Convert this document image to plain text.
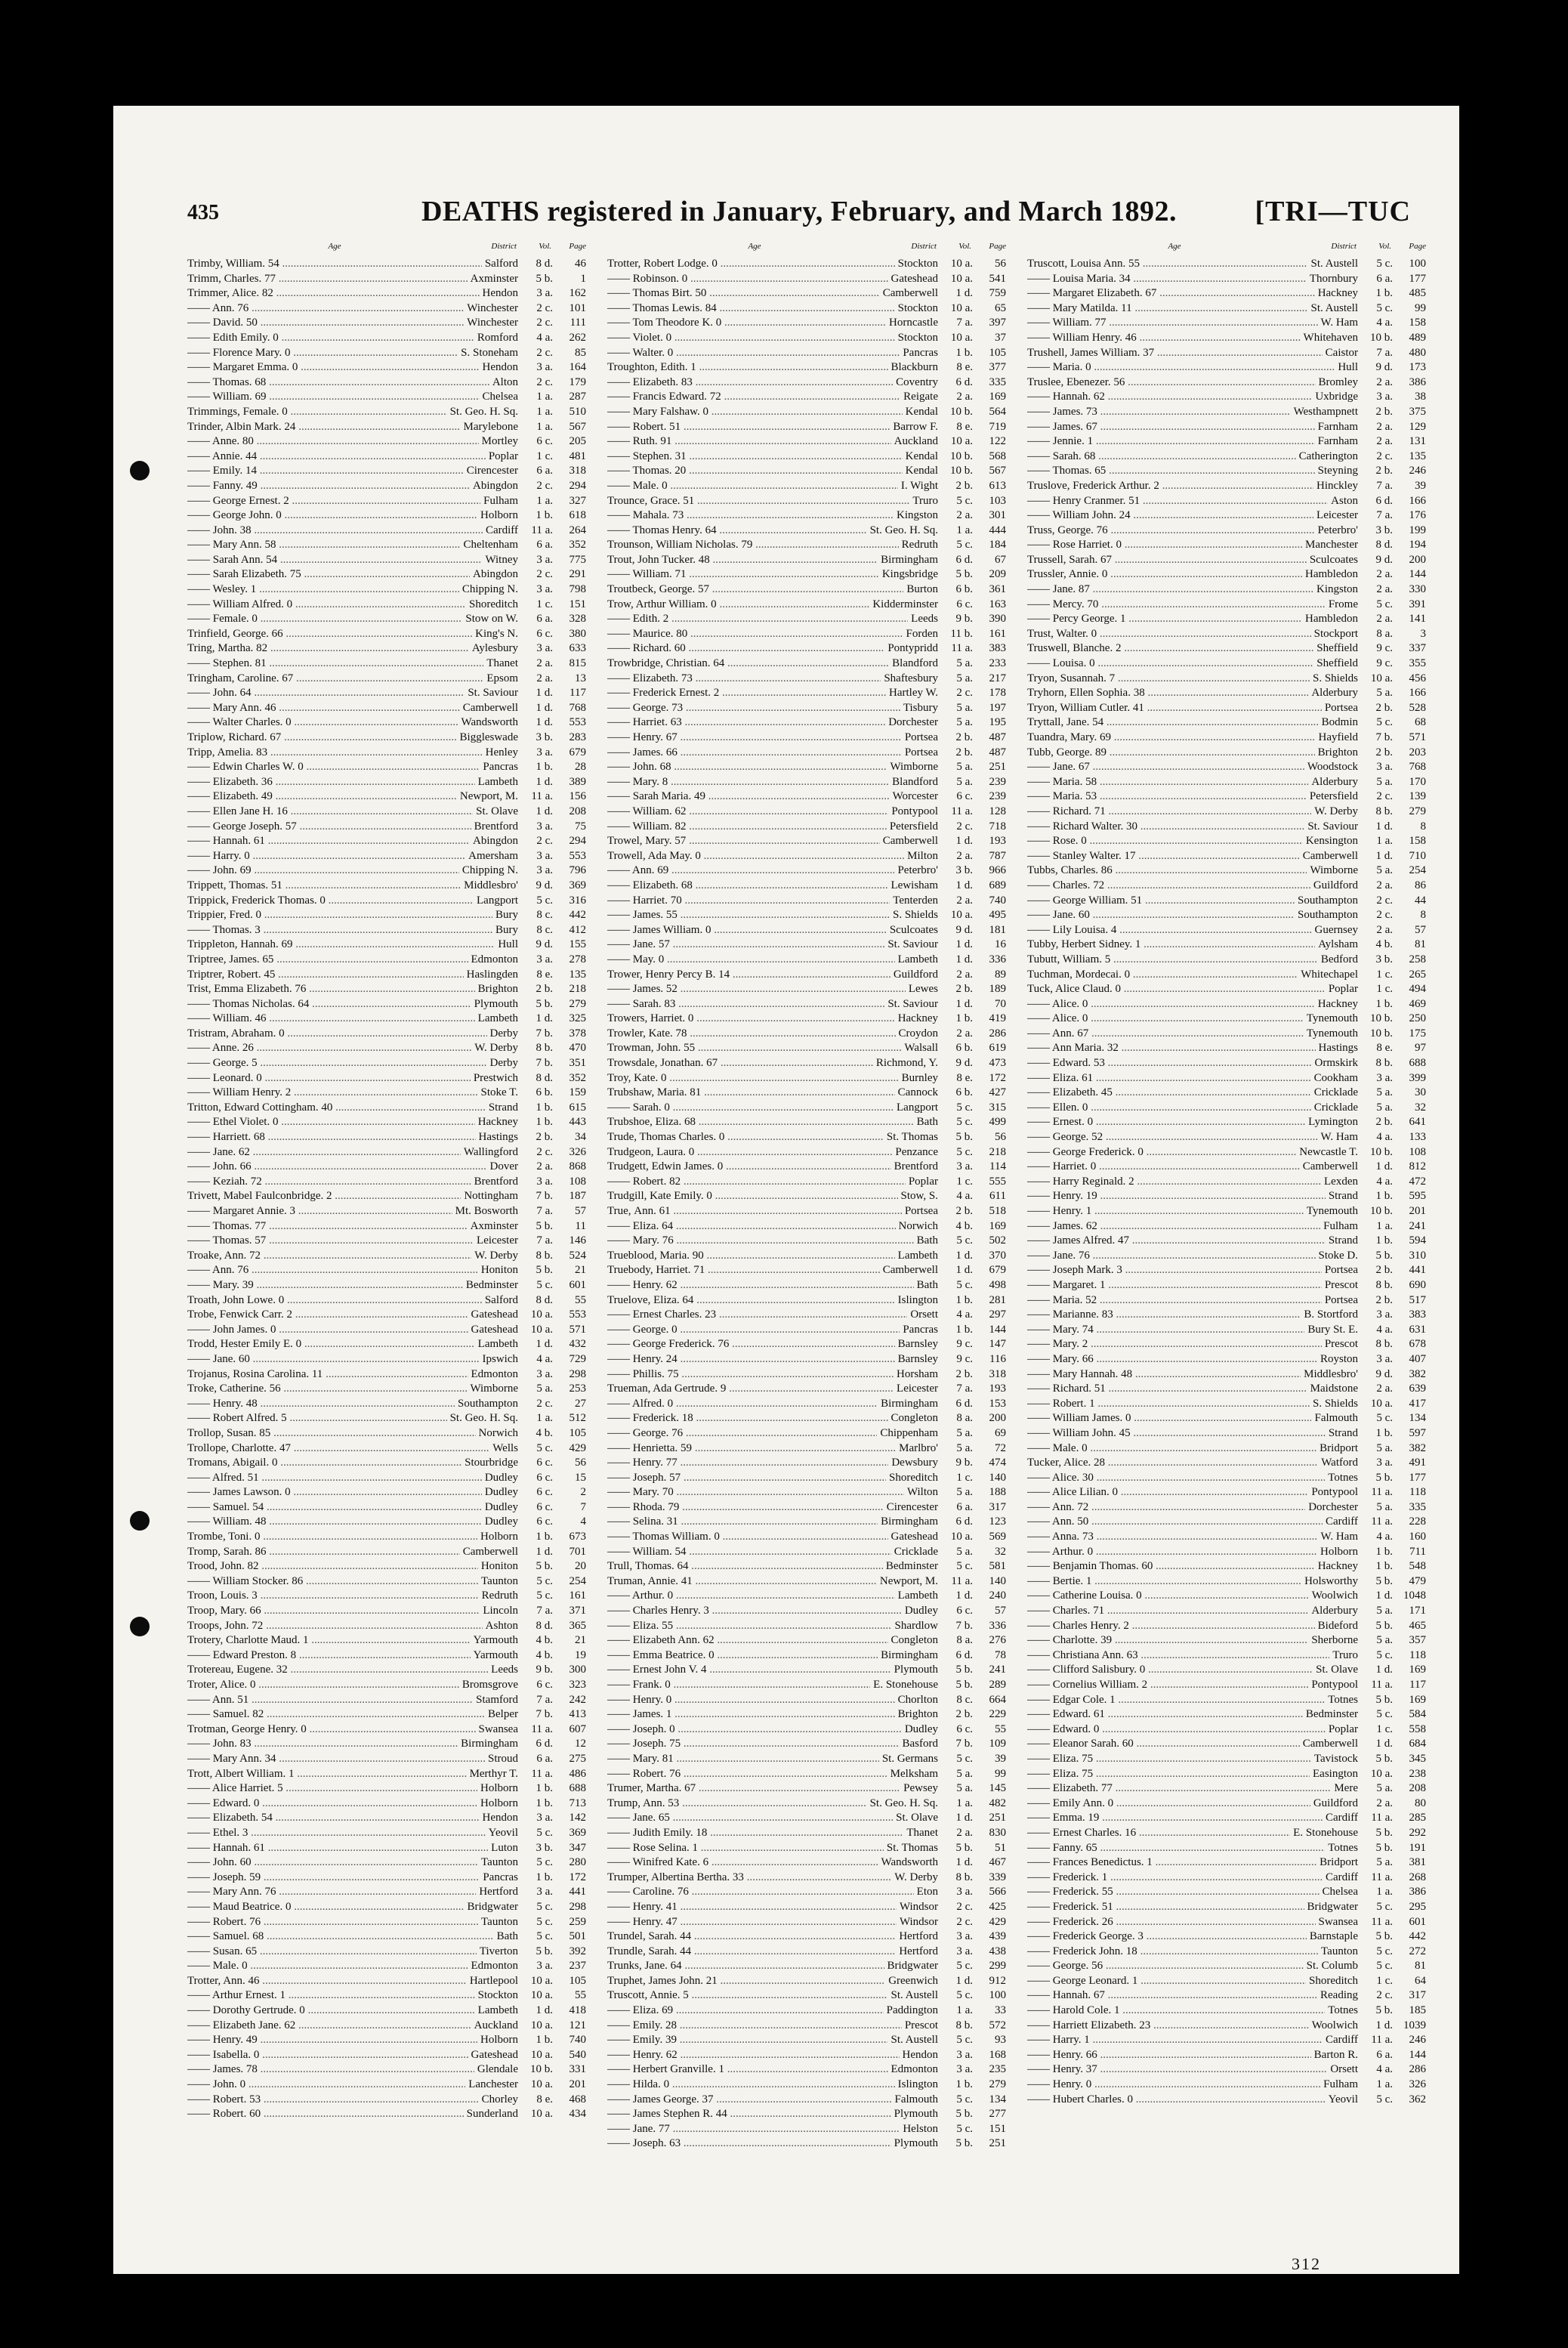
435	DEATHS registered in January, February, and March 1892.	[TRI—TUC
Age	District	Vol.	Page
Trimby, William. 54 .....	Salford	8 d.	46
Trimm, Charles. 77 .....	Axminster	5 b.	1
Trimmer, Alice. 82 .....	Hendon	3 a.	162
—— Ann. 76 .....	Winchester	2 c.	101
—— David. 50 .....	Winchester	2 c.	111
—— Edith Emily. 0 .....	Romford	4 a.	262
—— Florence Mary. 0 .....	S. Stoneham	2 c.	85
—— Margaret Emma. 0 .....	Hendon	3 a.	164
—— Thomas. 68 .....	Alton	2 c.	179
—— William. 69 .....	Chelsea	1 a.	287
Trimmings, Female. 0 .....	St. Geo. H. Sq.	1 a.	510
Trinder, Albin Mark. 24 .....	Marylebone	1 a.	567
—— Anne. 80 .....	Mortley	6 c.	205
—— Annie. 44 .....	Poplar	1 c.	481
—— Emily. 14 .....	Cirencester	6 a.	318
—— Fanny. 49 .....	Abingdon	2 c.	294
—— George Ernest. 2 .....	Fulham	1 a.	327
—— George John. 0 .....	Holborn	1 b.	618
—— John. 38 .....	Cardiff	11 a.	264
—— Mary Ann. 58 .....	Cheltenham	6 a.	352
—— Sarah Ann. 54 .....	Witney	3 a.	775
—— Sarah Elizabeth. 75 .....	Abingdon	2 c.	291
—— Wesley. 1 .....	Chipping N.	3 a.	798
—— William Alfred. 0 .....	Shoreditch	1 c.	151
—— Female. 0 .....	Stow on W.	6 a.	328
Trinfield, George. 66 .....	King's N.	6 c.	380
Tring, Martha. 82 .....	Aylesbury	3 a.	633
—— Stephen. 81 .....	Thanet	2 a.	815
Tringham, Caroline. 67 .....	Epsom	2 a.	13
—— John. 64 .....	St. Saviour	1 d.	117
—— Mary Ann. 46 .....	Camberwell	1 d.	768
—— Walter Charles. 0 .....	Wandsworth	1 d.	553
Triplow, Richard. 67 .....	Biggleswade	3 b.	283
Tripp, Amelia. 83 .....	Henley	3 a.	679
—— Edwin Charles W. 0 .....	Pancras	1 b.	28
—— Elizabeth. 36 .....	Lambeth	1 d.	389
—— Elizabeth. 49 .....	Newport, M.	11 a.	156
—— Ellen Jane H. 16 .....	St. Olave	1 d.	208
—— George Joseph. 57 .....	Brentford	3 a.	75
—— Hannah. 61 .....	Abingdon	2 c.	294
—— Harry. 0 .....	Amersham	3 a.	553
—— John. 69 .....	Chipping N.	3 a.	796
Trippett, Thomas. 51 .....	Middlesbro'	9 d.	369
Trippick, Frederick Thomas. 0 .....	Langport	5 c.	316
Trippier, Fred. 0 .....	Bury	8 c.	442
—— Thomas. 3 .....	Bury	8 c.	412
Trippleton, Hannah. 69 .....	Hull	9 d.	155
Triptree, James. 65 .....	Edmonton	3 a.	278
Triptrer, Robert. 45 .....	Haslingden	8 e.	135
Trist, Emma Elizabeth. 76 .....	Brighton	2 b.	218
—— Thomas Nicholas. 64 .....	Plymouth	5 b.	279
—— William. 46 .....	Lambeth	1 d.	325
Tristram, Abraham. 0 .....	Derby	7 b.	378
—— Anne. 26 .....	W. Derby	8 b.	470
—— George. 5 .....	Derby	7 b.	351
—— Leonard. 0 .....	Prestwich	8 d.	352
—— William Henry. 2 .....	Stoke T.	6 b.	159
Tritton, Edward Cottingham. 40 .....	Strand	1 b.	615
—— Ethel Violet. 0 .....	Hackney	1 b.	443
—— Harriett. 68 .....	Hastings	2 b.	34
—— Jane. 62 .....	Wallingford	2 c.	326
—— John. 66 .....	Dover	2 a.	868
—— Keziah. 72 .....	Brentford	3 a.	108
Trivett, Mabel Faulconbridge. 2 .....	Nottingham	7 b.	187
—— Margaret Annie. 3 .....	Mt. Bosworth	7 a.	57
—— Thomas. 77 .....	Axminster	5 b.	11
—— Thomas. 57 .....	Leicester	7 a.	146
Troake, Ann. 72 .....	W. Derby	8 b.	524
—— Ann. 76 .....	Honiton	5 b.	21
—— Mary. 39 .....	Bedminster	5 c.	601
Troath, John Lowe. 0 .....	Salford	8 d.	55
Trobe, Fenwick Carr. 2 .....	Gateshead	10 a.	553
—— John James. 0 .....	Gateshead	10 a.	571
Trodd, Hester Emily E. 0 .....	Lambeth	1 d.	432
—— Jane. 60 .....	Ipswich	4 a.	729
Trojanus, Rosina Carolina. 11 .....	Edmonton	3 a.	298
Troke, Catherine. 56 .....	Wimborne	5 a.	253
—— Henry. 48 .....	Southampton	2 c.	27
—— Robert Alfred. 5 .....	St. Geo. H. Sq.	1 a.	512
Trollop, Susan. 85 .....	Norwich	4 b.	105
Trollope, Charlotte. 47 .....	Wells	5 c.	429
Tromans, Abigail. 0 .....	Stourbridge	6 c.	56
—— Alfred. 51 .....	Dudley	6 c.	15
—— James Lawson. 0 .....	Dudley	6 c.	2
—— Samuel. 54 .....	Dudley	6 c.	7
—— William. 48 .....	Dudley	6 c.	4
Trombe, Toni. 0 .....	Holborn	1 b.	673
Tromp, Sarah. 86 .....	Camberwell	1 d.	701
Trood, John. 82 .....	Honiton	5 b.	20
—— William Stocker. 86 .....	Taunton	5 c.	254
Troon, Louis. 3 .....	Redruth	5 c.	161
Troop, Mary. 66 .....	Lincoln	7 a.	371
Troops, John. 72 .....	Ashton	8 d.	365
Trotery, Charlotte Maud. 1 .....	Yarmouth	4 b.	21
—— Edward Preston. 8 .....	Yarmouth	4 b.	19
Trotereau, Eugene. 32 .....	Leeds	9 b.	300
Troter, Alice. 0 .....	Bromsgrove	6 c.	323
—— Ann. 51 .....	Stamford	7 a.	242
—— Samuel. 82 .....	Belper	7 b.	413
Trotman, George Henry. 0 .....	Swansea	11 a.	607
—— John. 83 .....	Birmingham	6 d.	12
—— Mary Ann. 34 .....	Stroud	6 a.	275
Trott, Albert William. 1 .....	Merthyr T.	11 a.	486
—— Alice Harriet. 5 .....	Holborn	1 b.	688
—— Edward. 0 .....	Holborn	1 b.	713
—— Elizabeth. 54 .....	Hendon	3 a.	142
—— Ethel. 3 .....	Yeovil	5 c.	369
—— Hannah. 61 .....	Luton	3 b.	347
—— John. 60 .....	Taunton	5 c.	280
—— Joseph. 59 .....	Pancras	1 b.	172
—— Mary Ann. 76 .....	Hertford	3 a.	441
—— Maud Beatrice. 0 .....	Bridgwater	5 c.	298
—— Robert. 76 .....	Taunton	5 c.	259
—— Samuel. 68 .....	Bath	5 c.	501
—— Susan. 65 .....	Tiverton	5 b.	392
—— Male. 0 .....	Edmonton	3 a.	237
Trotter, Ann. 46 .....	Hartlepool	10 a.	105
—— Arthur Ernest. 1 .....	Stockton	10 a.	55
—— Dorothy Gertrude. 0 .....	Lambeth	1 d.	418
—— Elizabeth Jane. 62 .....	Auckland	10 a.	121
—— Henry. 49 .....	Holborn	1 b.	740
—— Isabella. 0 .....	Gateshead	10 a.	540
—— James. 78 .....	Glendale	10 b.	331
—— John. 0 .....	Lanchester	10 a.	201
—— Robert. 53 .....	Chorley	8 e.	468
—— Robert. 60 .....	Sunderland	10 a.	434
Age	District	Vol.	Page
Trotter, Robert Lodge. 0 .....	Stockton	10 a.	56
—— Robinson. 0 .....	Gateshead	10 a.	541
—— Thomas Birt. 50 .....	Camberwell	1 d.	759
—— Thomas Lewis. 84 .....	Stockton	10 a.	65
—— Tom Theodore K. 0 .....	Horncastle	7 a.	397
—— Violet. 0 .....	Stockton	10 a.	37
—— Walter. 0 .....	Pancras	1 b.	105
Troughton, Edith. 1 .....	Blackburn	8 e.	377
—— Elizabeth. 83 .....	Coventry	6 d.	335
—— Francis Edward. 72 .....	Reigate	2 a.	169
—— Mary Falshaw. 0 .....	Kendal	10 b.	564
—— Robert. 51 .....	Barrow F.	8 e.	719
—— Ruth. 91 .....	Auckland	10 a.	122
—— Stephen. 31 .....	Kendal	10 b.	568
—— Thomas. 20 .....	Kendal	10 b.	567
—— Male. 0 .....	I. Wight	2 b.	613
Trounce, Grace. 51 .....	Truro	5 c.	103
—— Mahala. 73 .....	Kingston	2 a.	301
—— Thomas Henry. 64 .....	St. Geo. H. Sq.	1 a.	444
Trounson, William Nicholas. 79 .....	Redruth	5 c.	184
Trout, John Tucker. 48 .....	Birmingham	6 d.	67
—— William. 71 .....	Kingsbridge	5 b.	209
Troutbeck, George. 57 .....	Burton	6 b.	361
Trow, Arthur William. 0 .....	Kidderminster	6 c.	163
—— Edith. 2 .....	Leeds	9 b.	390
—— Maurice. 80 .....	Forden	11 b.	161
—— Richard. 60 .....	Pontypridd	11 a.	383
Trowbridge, Christian. 64 .....	Blandford	5 a.	233
—— Elizabeth. 73 .....	Shaftesbury	5 a.	217
—— Frederick Ernest. 2 .....	Hartley W.	2 c.	178
—— George. 73 .....	Tisbury	5 a.	197
—— Harriet. 63 .....	Dorchester	5 a.	195
—— Henry. 67 .....	Portsea	2 b.	487
—— James. 66 .....	Portsea	2 b.	487
—— John. 68 .....	Wimborne	5 a.	251
—— Mary. 8 .....	Blandford	5 a.	239
—— Sarah Maria. 49 .....	Worcester	6 c.	239
—— William. 62 .....	Pontypool	11 a.	128
—— William. 82 .....	Petersfield	2 c.	718
Trowel, Mary. 57 .....	Camberwell	1 d.	193
Trowell, Ada May. 0 .....	Milton	2 a.	787
—— Ann. 69 .....	Peterbro'	3 b.	966
—— Elizabeth. 68 .....	Lewisham	1 d.	689
—— Harriet. 70 .....	Tenterden	2 a.	740
—— James. 55 .....	S. Shields	10 a.	495
—— James William. 0 .....	Sculcoates	9 d.	181
—— Jane. 57 .....	St. Saviour	1 d.	16
—— May. 0 .....	Lambeth	1 d.	336
Trower, Henry Percy B. 14 .....	Guildford	2 a.	89
—— James. 52 .....	Lewes	2 b.	189
—— Sarah. 83 .....	St. Saviour	1 d.	70
Trowers, Harriet. 0 .....	Hackney	1 b.	419
Trowler, Kate. 78 .....	Croydon	2 a.	286
Trowman, John. 55 .....	Walsall	6 b.	619
Trowsdale, Jonathan. 67 .....	Richmond, Y.	9 d.	473
Troy, Kate. 0 .....	Burnley	8 e.	172
Trubshaw, Maria. 81 .....	Cannock	6 b.	427
—— Sarah. 0 .....	Langport	5 c.	315
Trubshoe, Eliza. 68 .....	Bath	5 c.	499
Trude, Thomas Charles. 0 .....	St. Thomas	5 b.	56
Trudgeon, Laura. 0 .....	Penzance	5 c.	218
Trudgett, Edwin James. 0 .....	Brentford	3 a.	114
—— Robert. 82 .....	Poplar	1 c.	555
Trudgill, Kate Emily. 0 .....	Stow, S.	4 a.	611
Truе, Ann. 61 .....	Portsea	2 b.	518
—— Eliza. 64 .....	Norwich	4 b.	169
—— Mary. 76 .....	Bath	5 c.	502
Trueblood, Maria. 90 .....	Lambeth	1 d.	370
Truebody, Harriet. 71 .....	Camberwell	1 d.	679
—— Henry. 62 .....	Bath	5 c.	498
Truelove, Eliza. 64 .....	Islington	1 b.	281
—— Ernest Charles. 23 .....	Orsett	4 a.	297
—— George. 0 .....	Pancras	1 b.	144
—— George Frederick. 76 .....	Barnsley	9 c.	147
—— Henry. 24 .....	Barnsley	9 c.	116
—— Phillis. 75 .....	Horsham	2 b.	318
Trueman, Ada Gertrude. 9 .....	Leicester	7 a.	193
—— Alfred. 0 .....	Birmingham	6 d.	153
—— Frederick. 18 .....	Congleton	8 a.	200
—— George. 76 .....	Chippenham	5 a.	69
—— Henrietta. 59 .....	Marlbro'	5 a.	72
—— Henry. 77 .....	Dewsbury	9 b.	474
—— Joseph. 57 .....	Shoreditch	1 c.	140
—— Mary. 70 .....	Wilton	5 a.	188
—— Rhoda. 79 .....	Cirencester	6 a.	317
—— Selina. 31 .....	Birmingham	6 d.	123
—— Thomas William. 0 .....	Gateshead	10 a.	569
—— William. 54 .....	Cricklade	5 a.	32
Trull, Thomas. 64 .....	Bedminster	5 c.	581
Truman, Annie. 41 .....	Newport, M.	11 a.	140
—— Arthur. 0 .....	Lambeth	1 d.	240
—— Charles Henry. 3 .....	Dudley	6 c.	57
—— Eliza. 55 .....	Shardlow	7 b.	336
—— Elizabeth Ann. 62 .....	Congleton	8 a.	276
—— Emma Beatrice. 0 .....	Birmingham	6 d.	78
—— Ernest John V. 4 .....	Plymouth	5 b.	241
—— Frank. 0 .....	E. Stonehouse	5 b.	289
—— Henry. 0 .....	Chorlton	8 c.	664
—— James. 1 .....	Brighton	2 b.	229
—— Joseph. 0 .....	Dudley	6 c.	55
—— Joseph. 75 .....	Basford	7 b.	109
—— Mary. 81 .....	St. Germans	5 c.	39
—— Robert. 76 .....	Melksham	5 a.	99
Trumer, Martha. 67 .....	Pewsey	5 a.	145
Trump, Ann. 53 .....	St. Geo. H. Sq.	1 a.	482
—— Jane. 65 .....	St. Olave	1 d.	251
—— Judith Emily. 18 .....	Thanet	2 a.	830
—— Rose Selina. 1 .....	St. Thomas	5 b.	51
—— Winifred Kate. 6 .....	Wandsworth	1 d.	467
Trumper, Albertina Bertha. 33 .....	W. Derby	8 b.	339
—— Caroline. 76 .....	Eton	3 a.	566
—— Henry. 41 .....	Windsor	2 c.	425
—— Henry. 47 .....	Windsor	2 c.	429
Trundel, Sarah. 44 .....	Hertford	3 a.	439
Trundle, Sarah. 44 .....	Hertford	3 a.	438
Trunks, Jane. 64 .....	Bridgwater	5 c.	299
Truphet, James John. 21 .....	Greenwich	1 d.	912
Truscott, Annie. 5 .....	St. Austell	5 c.	100
—— Eliza. 69 .....	Paddington	1 a.	33
—— Emily. 28 .....	Prescot	8 b.	572
—— Emily. 39 .....	St. Austell	5 c.	93
—— Henry. 62 .....	Hendon	3 a.	168
—— Herbert Granville. 1 .....	Edmonton	3 a.	235
—— Hilda. 0 .....	Islington	1 b.	279
—— James George. 37 .....	Falmouth	5 c.	134
—— James Stephen R. 44 .....	Plymouth	5 b.	277
—— Jane. 77 .....	Helston	5 c.	151
—— Joseph. 63 .....	Plymouth	5 b.	251
Age	District	Vol.	Page
Truscott, Louisa Ann. 55 .....	St. Austell	5 c.	100
—— Louisa Maria. 34 .....	Thornbury	6 a.	177
—— Margaret Elizabeth. 67 .....	Hackney	1 b.	485
—— Mary Matilda. 11 .....	St. Austell	5 c.	99
—— William. 77 .....	W. Ham	4 a.	158
—— William Henry. 46 .....	Whitehaven	10 b.	489
Trushell, James William. 37 .....	Caistor	7 a.	480
—— Maria. 0 .....	Hull	9 d.	173
Truslee, Ebenezer. 56 .....	Bromley	2 a.	386
—— Hannah. 62 .....	Uxbridge	3 a.	38
—— James. 73 .....	Westhampnett	2 b.	375
—— James. 67 .....	Farnham	2 a.	129
—— Jennie. 1 .....	Farnham	2 a.	131
—— Sarah. 68 .....	Catherington	2 c.	135
—— Thomas. 65 .....	Steyning	2 b.	246
Truslove, Frederick Arthur. 2 .....	Hinckley	7 a.	39
—— Henry Cranmer. 51 .....	Aston	6 d.	166
—— William John. 24 .....	Leicester	7 a.	176
Truss, George. 76 .....	Peterbro'	3 b.	199
—— Rose Harriet. 0 .....	Manchester	8 d.	194
Trussell, Sarah. 67 .....	Sculcoates	9 d.	200
Trussler, Annie. 0 .....	Hambledon	2 a.	144
—— Jane. 87 .....	Kingston	2 a.	330
—— Mercy. 70 .....	Frome	5 c.	391
—— Percy George. 1 .....	Hambledon	2 a.	141
Trust, Walter. 0 .....	Stockport	8 a.	3
Truswell, Blanche. 2 .....	Sheffield	9 c.	337
—— Louisa. 0 .....	Sheffield	9 c.	355
Tryon, Susannah. 7 .....	S. Shields	10 a.	456
Tryhorn, Ellen Sophia. 38 .....	Alderbury	5 a.	166
Tryon, William Cutler. 41 .....	Portsea	2 b.	528
Tryttall, Jane. 54 .....	Bodmin	5 c.	68
Tuandra, Mary. 69 .....	Hayfield	7 b.	571
Tubb, George. 89 .....	Brighton	2 b.	203
—— Jane. 67 .....	Woodstock	3 a.	768
—— Maria. 58 .....	Alderbury	5 a.	170
—— Maria. 53 .....	Petersfield	2 c.	139
—— Richard. 71 .....	W. Derby	8 b.	279
—— Richard Walter. 30 .....	St. Saviour	1 d.	8
—— Rose. 0 .....	Kensington	1 a.	158
—— Stanley Walter. 17 .....	Camberwell	1 d.	710
Tubbs, Charles. 86 .....	Wimborne	5 a.	254
—— Charles. 72 .....	Guildford	2 a.	86
—— George William. 51 .....	Southampton	2 c.	44
—— Jane. 60 .....	Southampton	2 c.	8
—— Lily Louisa. 4 .....	Guernsey	2 a.	57
Tubby, Herbert Sidney. 1 .....	Aylsham	4 b.	81
Tubutt, William. 5 .....	Bedford	3 b.	258
Tuchman, Mordecai. 0 .....	Whitechapel	1 c.	265
Tuck, Alice Claud. 0 .....	Poplar	1 c.	494
—— Alice. 0 .....	Hackney	1 b.	469
—— Alice. 0 .....	Tynemouth	10 b.	250
—— Ann. 67 .....	Tynemouth	10 b.	175
—— Ann Maria. 32 .....	Hastings	8 e.	97
—— Edward. 53 .....	Ormskirk	8 b.	688
—— Eliza. 61 .....	Cookham	3 a.	399
—— Elizabeth. 45 .....	Cricklade	5 a.	30
—— Ellen. 0 .....	Cricklade	5 a.	32
—— Ernest. 0 .....	Lymington	2 b.	641
—— George. 52 .....	W. Ham	4 a.	133
—— George Frederick. 0 .....	Newcastle T.	10 b.	108
—— Harriet. 0 .....	Camberwell	1 d.	812
—— Harry Reginald. 2 .....	Lexden	4 a.	472
—— Henry. 19 .....	Strand	1 b.	595
—— Henry. 1 .....	Tynemouth	10 b.	201
—— James. 62 .....	Fulham	1 a.	241
—— James Alfred. 47 .....	Strand	1 b.	594
—— Jane. 76 .....	Stoke D.	5 b.	310
—— Joseph Mark. 3 .....	Portsea	2 b.	441
—— Margaret. 1 .....	Prescot	8 b.	690
—— Maria. 52 .....	Portsea	2 b.	517
—— Marianne. 83 .....	B. Stortford	3 a.	383
—— Mary. 74 .....	Bury St. E.	4 a.	631
—— Mary. 2 .....	Prescot	8 b.	678
—— Mary. 66 .....	Royston	3 a.	407
—— Mary Hannah. 48 .....	Middlesbro'	9 d.	382
—— Richard. 51 .....	Maidstone	2 a.	639
—— Robert. 1 .....	S. Shields	10 a.	417
—— William James. 0 .....	Falmouth	5 c.	134
—— William John. 45 .....	Strand	1 b.	597
—— Male. 0 .....	Bridport	5 a.	382
Tucker, Alice. 28 .....	Watford	3 a.	491
—— Alice. 30 .....	Totnes	5 b.	177
—— Alice Lilian. 0 .....	Pontypool	11 a.	118
—— Ann. 72 .....	Dorchester	5 a.	335
—— Ann. 50 .....	Cardiff	11 a.	228
—— Anna. 73 .....	W. Ham	4 a.	160
—— Arthur. 0 .....	Holborn	1 b.	711
—— Benjamin Thomas. 60 .....	Hackney	1 b.	548
—— Bertie. 1 .....	Holsworthy	5 b.	479
—— Catherine Louisa. 0 .....	Woolwich	1 d. 1048
—— Charles. 71 .....	Alderbury	5 a.	171
—— Charles Henry. 2 .....	Bideford	5 b.	465
—— Charlotte. 39 .....	Sherborne	5 a.	357
—— Christiana Ann. 63 .....	Truro	5 c.	118
—— Clifford Salisbury. 0 .....	St. Olave	1 d.	169
—— Cornelius William. 2 .....	Pontypool	11 a.	117
—— Edgar Cole. 1 .....	Totnes	5 b.	169
—— Edward. 61 .....	Bedminster	5 c.	584
—— Edward. 0 .....	Poplar	1 c.	558
—— Eleanor Sarah. 60 .....	Camberwell	1 d.	684
—— Eliza. 75 .....	Tavistock	5 b.	345
—— Eliza. 75 .....	Easington	10 a.	238
—— Elizabeth. 77 .....	Mere	5 a.	208
—— Emily Ann. 0 .....	Guildford	2 a.	80
—— Emma. 19 .....	Cardiff	11 a.	285
—— Ernest Charles. 16 .....	E. Stonehouse	5 b.	292
—— Fanny. 65 .....	Totnes	5 b.	191
—— Frances Benedictus. 1 .....	Bridport	5 a.	381
—— Frederick. 1 .....	Cardiff	11 a.	268
—— Frederick. 55 .....	Chelsea	1 a.	386
—— Frederick. 51 .....	Bridgwater	5 c.	295
—— Frederick. 26 .....	Swansea	11 a.	601
—— Frederick George. 3 .....	Barnstaple	5 b.	442
—— Frederick John. 18 .....	Taunton	5 c.	272
—— George. 56 .....	St. Columb	5 c.	81
—— George Leonard. 1 .....	Shoreditch	1 c.	64
—— Hannah. 67 .....	Reading	2 c.	317
—— Harold Cole. 1 .....	Totnes	5 b.	185
—— Harriett Elizabeth. 23 .....	Woolwich	1 d. 1039
—— Harry. 1 .....	Cardiff	11 a.	246
—— Henry. 66 .....	Barton R.	6 a.	144
—— Henry. 37 .....	Orsett	4 a.	286
—— Henry. 0 .....	Fulham	1 a.	326
—— Hubert Charles. 0 .....	Yeovil	5 c.	362
312
